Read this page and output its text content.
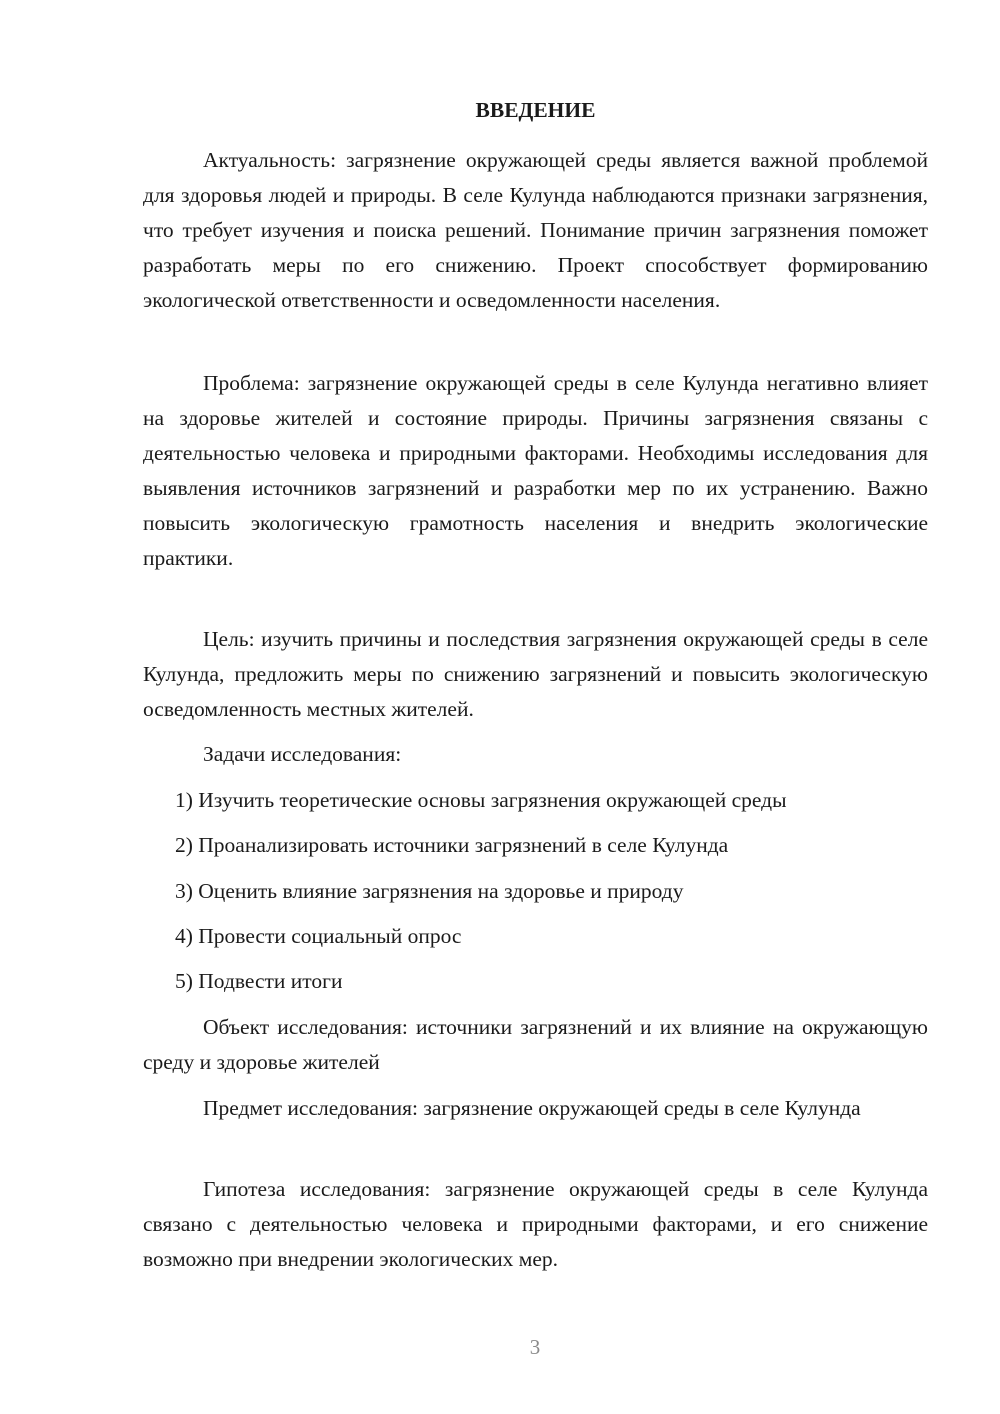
ВВЕДЕНИЕ

Актуальность: загрязнение окружающей среды является важной проблемой для здоровья людей и природы. В селе Кулунда наблюдаются признаки загрязнения, что требует изучения и поиска решений. Понимание причин загрязнения поможет разработать меры по его снижению. Проект способствует формированию экологической ответственности и осведомленности населения.

Проблема: загрязнение окружающей среды в селе Кулунда негативно влияет на здоровье жителей и состояние природы. Причины загрязнения связаны с деятельностью человека и природными факторами. Необходимы исследования для выявления источников загрязнений и разработки мер по их устранению. Важно повысить экологическую грамотность населения и внедрить экологические практики.

Цель: изучить причины и последствия загрязнения окружающей среды в селе Кулунда, предложить меры по снижению загрязнений и повысить экологическую осведомленность местных жителей.

Задачи исследования:

1) Изучить теоретические основы загрязнения окружающей среды

2) Проанализировать источники загрязнений в селе Кулунда

3) Оценить влияние загрязнения на здоровье и природу

4) Провести социальный опрос

5) Подвести итоги

Объект исследования: источники загрязнений и их влияние на окружающую среду и здоровье жителей

Предмет исследования: загрязнение окружающей среды в селе Кулунда

Гипотеза исследования: загрязнение окружающей среды в селе Кулунда связано с деятельностью человека и природными факторами, и его снижение возможно при внедрении экологических мер.

3
